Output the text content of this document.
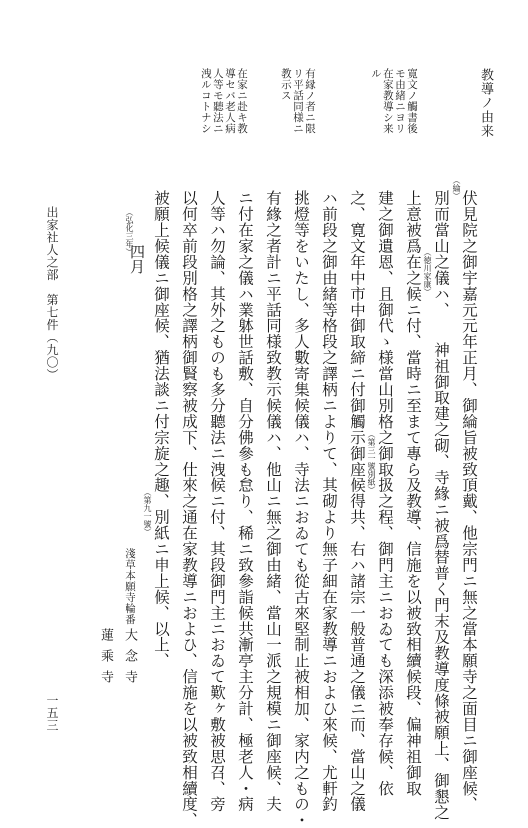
教導ノ由来
寛文ノ觸書後
モ由緒ニヨリ
在家教導シ来
ル
有縁ノ者ニ限
リ平話同様ニ
教示ス
在家ニ赴キ教
導セバ老人病
人等モ聽法ニ
洩ルコトナシ
伏見院之御宇嘉元元年正月、御綸旨被致頂戴、他宗門ニ無之當本願寺之面目ニ御座候、
別而當山之儀ハ、　　神祖御取建之砌、寺緣ニ被爲替普く門末及教導度條被願上、御懇之
上意被爲在之候ニ付、當時ニ至まて專ら及教導、信施を以被致相續候段、偏神祖御取
建之御遺恩、且御代ゝ様當山別格之御取扱之程、御門主ニおゐても深添被奉存候、依
之、寛文年中市中御取締ニ付御觸示御座候得共、右ハ諸宗一般普通之儀ニ而、當山之儀
ハ前段之御由緒等格段之譯柄ニよりて、其砌より無子細在家教導ニおよひ來候、尤軒釣
挑燈等をいたし、多人數寄集候儀ハ、寺法ニおゐても從古來堅制止被相加、家内之もの・
有緣之者計ニ平話同様致教示候儀ハ、他山ニ無之御由緒、當山一派之規模ニ御座候、夫
ニ付在家之儀ハ業躰世話敷、自分佛參も怠り、稀ニ致參詣候共漸亭主分計、極老人・病
人等ハ勿論、其外之ものも多分聽法ニ洩候ニ付、其段御門主ニおゐて歎ヶ敷被思召、旁
以何卒前段別格之譯柄御賢察被成下、仕來之通在家教導ニおよひ、信施を以被致相續度、
被願上候儀ニ御座候、猶法談ニ付宗旋之趣、別紙ニ申上候、以上、
（綸）
（徳川家康）
（第三一號別紙）
（第九一號）
（弘化三年）
四月
淺草本願寺輪番
大念寺
蓮乘寺
出家社人之部　第七件（九〇）
一五三
